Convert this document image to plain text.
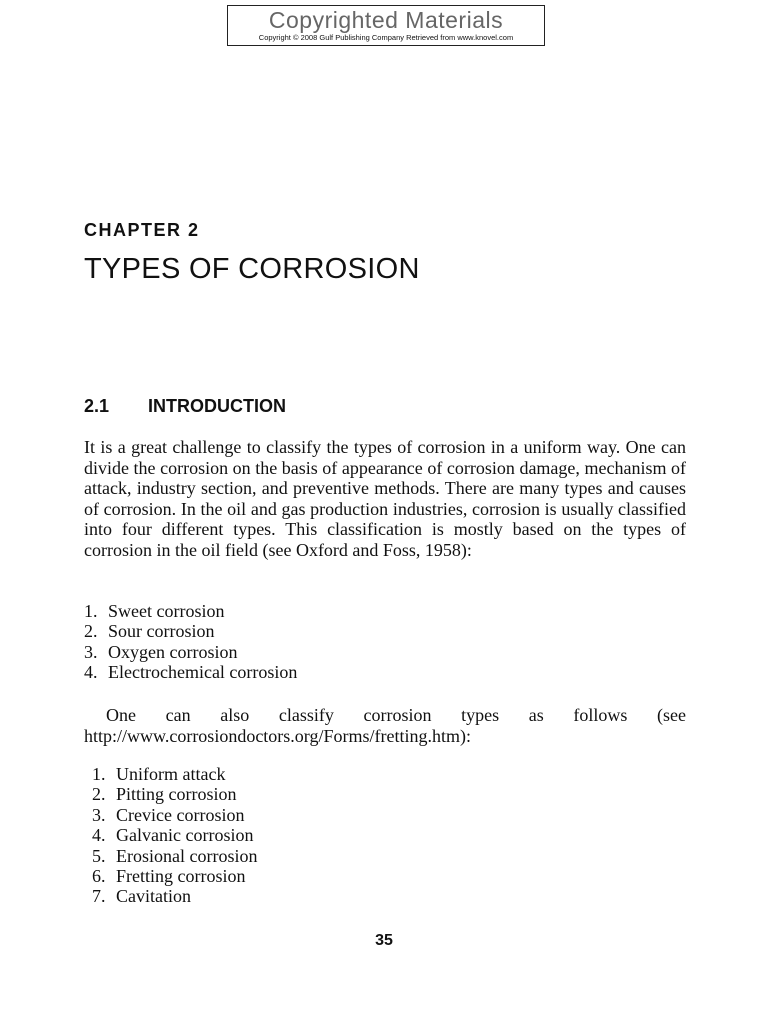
Copyrighted Materials
Copyright © 2008 Gulf Publishing Company Retrieved from www.knovel.com
CHAPTER 2
TYPES OF CORROSION
2.1 INTRODUCTION
It is a great challenge to classify the types of corrosion in a uniform way. One can divide the corrosion on the basis of appearance of corrosion damage, mechanism of attack, industry section, and preventive methods. There are many types and causes of corrosion. In the oil and gas production industries, corrosion is usually classified into four different types. This classification is mostly based on the types of corrosion in the oil field (see Oxford and Foss, 1958):
1. Sweet corrosion
2. Sour corrosion
3. Oxygen corrosion
4. Electrochemical corrosion
One can also classify corrosion types as follows (see http://www.corrosiondoctors.org/Forms/fretting.htm):
1. Uniform attack
2. Pitting corrosion
3. Crevice corrosion
4. Galvanic corrosion
5. Erosional corrosion
6. Fretting corrosion
7. Cavitation
35
